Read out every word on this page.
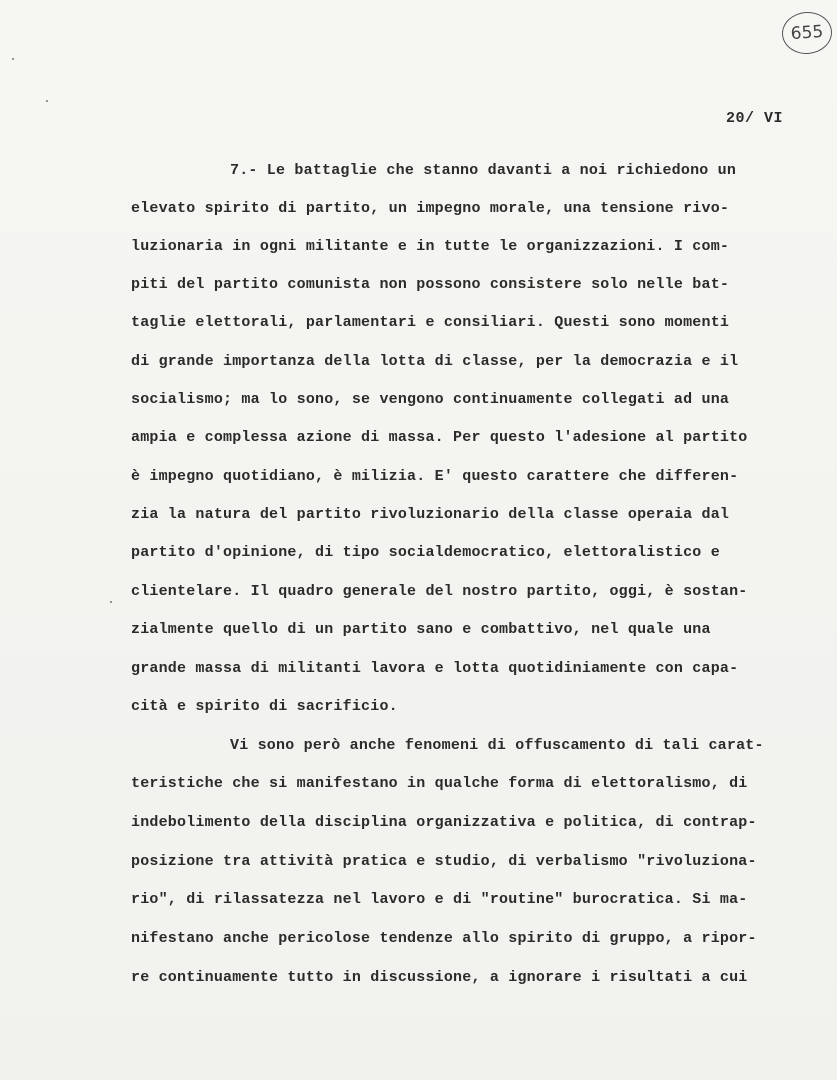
655
20/ VI
7.- Le battaglie che stanno davanti a noi richiedono un
elevato spirito di partito, un impegno morale, una tensione rivo-
luzionaria in ogni militante e in tutte le organizzazioni. I com-
piti del partito comunista non possono consistere solo nelle bat-
taglie elettorali, parlamentari e consiliari. Questi sono momenti
di grande importanza della lotta di classe, per la democrazia e il
socialismo; ma lo sono, se vengono continuamente collegati ad una
ampia e complessa azione di massa. Per questo l'adesione al partito
è impegno quotidiano, è milizia. E' questo carattere che differen-
zia la natura del partito rivoluzionario della classe operaia dal
partito d'opinione, di tipo socialdemocratico, elettoralistico e
clientelare. Il quadro generale del nostro partito, oggi, è sostan-
zialmente quello di un partito sano e combattivo, nel quale una
grande massa di militanti lavora e lotta quotidiniamente con capa-
cità e spirito di sacrificio.
Vi sono però anche fenomeni di offuscamento di tali carat-
teristiche che si manifestano in qualche forma di elettoralismo, di
indebolimento della disciplina organizzativa e politica, di contrap-
posizione tra attività pratica e studio, di verbalismo "rivoluziona-
rio", di rilassatezza nel lavoro e di "routine" burocratica. Si ma-
nifestano anche pericolose tendenze allo spirito di gruppo, a ripor-
re continuamente tutto in discussione, a ignorare i risultati a cui
